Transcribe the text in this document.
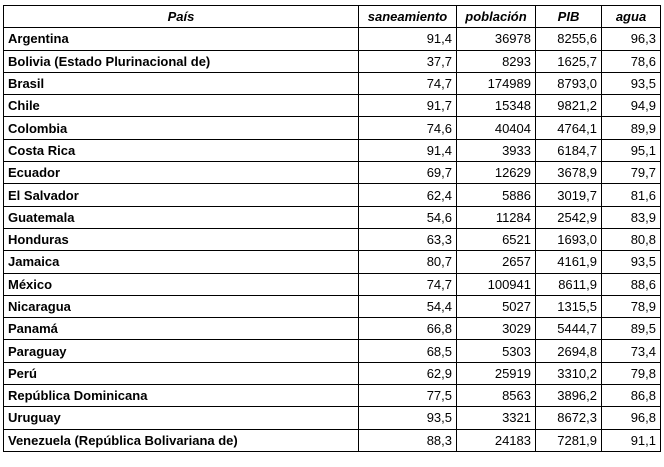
País	saneamiento	población	PIB	agua
Argentina	91,4	36978	8255,6	96,3
Bolivia (Estado Plurinacional de)	37,7	8293	1625,7	78,6
Brasil	74,7	174989	8793,0	93,5
Chile	91,7	15348	9821,2	94,9
Colombia	74,6	40404	4764,1	89,9
Costa Rica	91,4	3933	6184,7	95,1
Ecuador	69,7	12629	3678,9	79,7
El Salvador	62,4	5886	3019,7	81,6
Guatemala	54,6	11284	2542,9	83,9
Honduras	63,3	6521	1693,0	80,8
Jamaica	80,7	2657	4161,9	93,5
México	74,7	100941	8611,9	88,6
Nicaragua	54,4	5027	1315,5	78,9
Panamá	66,8	3029	5444,7	89,5
Paraguay	68,5	5303	2694,8	73,4
Perú	62,9	25919	3310,2	79,8
República Dominicana	77,5	8563	3896,2	86,8
Uruguay	93,5	3321	8672,3	96,8
Venezuela (República Bolivariana de)	88,3	24183	7281,9	91,1
